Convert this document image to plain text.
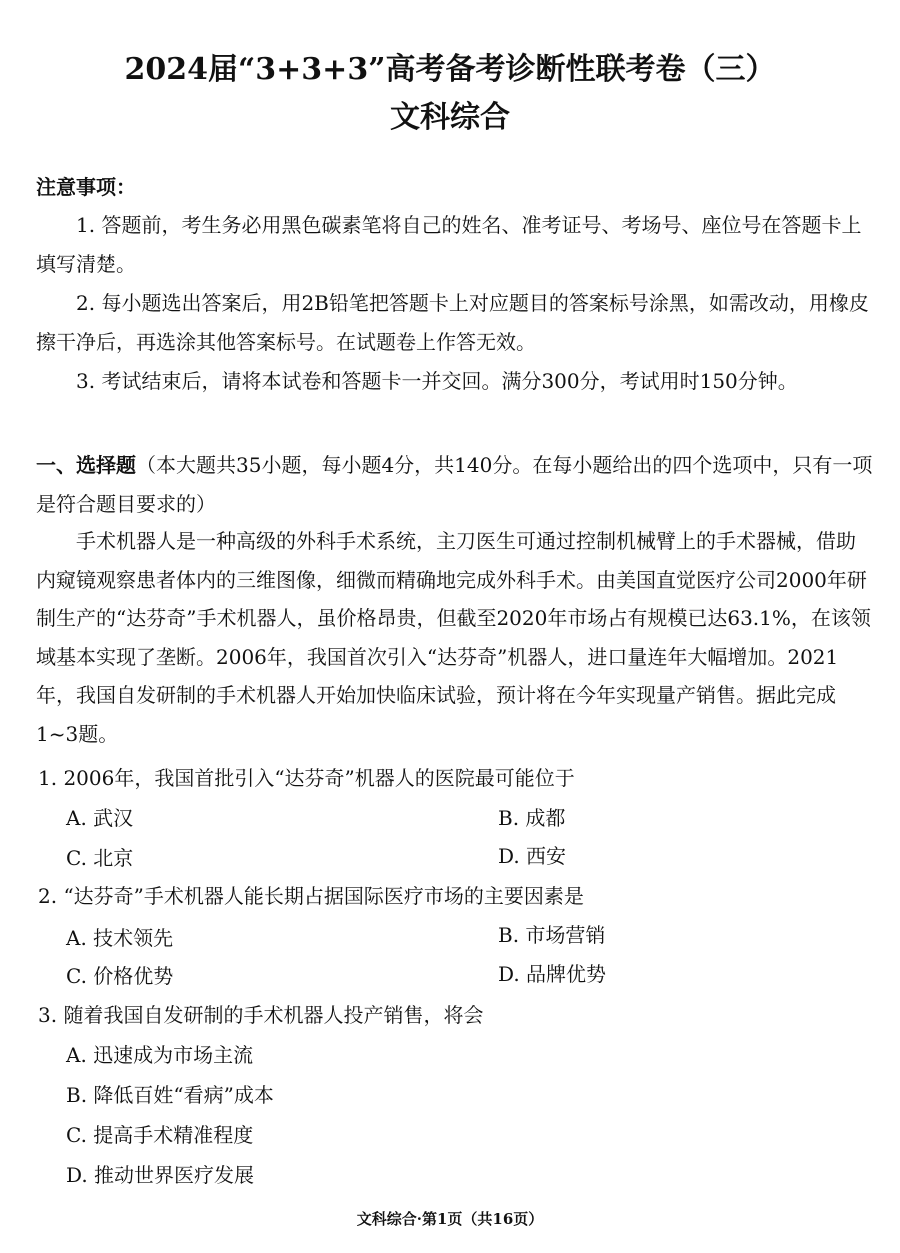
2024届“3+3+3”高考备考诊断性联考卷（三）
文科综合
注意事项：

1. 答题前，考生务必用黑色碳素笔将自己的姓名、准考证号、考场号、座位号在答题卡上填写清楚。

2. 每小题选出答案后，用2B铅笔把答题卡上对应题目的答案标号涂黑，如需改动，用橡皮擦干净后，再选涂其他答案标号。在试题卷上作答无效。

3. 考试结束后，请将本试卷和答题卡一并交回。满分300分，考试用时150分钟。

一、选择题（本大题共35小题，每小题4分，共140分。在每小题给出的四个选项中，只有一项是符合题目要求的）
手术机器人是一种高级的外科手术系统，主刀医生可通过控制机械臂上的手术器械，借助内窥镜观察患者体内的三维图像，细微而精确地完成外科手术。由美国直觉医疗公司2000年研制生产的“达芬奇”手术机器人，虽价格昂贵，但截至2020年市场占有规模已达63.1%，在该领域基本实现了垄断。2006年，我国首次引入“达芬奇”机器人，进口量连年大幅增加。2021年，我国自发研制的手术机器人开始加快临床试验，预计将在今年实现量产销售。据此完成1~3题。
1. 2006年，我国首批引入“达芬奇”机器人的医院最可能位于
A. 武汉	B. 成都
C. 北京	D. 西安
2. “达芬奇”手术机器人能长期占据国际医疗市场的主要因素是
A. 技术领先	B. 市场营销
C. 价格优势	D. 品牌优势
3. 随着我国自发研制的手术机器人投产销售，将会
A. 迅速成为市场主流
B. 降低百姓“看病”成本
C. 提高手术精准程度
D. 推动世界医疗发展
文科综合·第1页（共16页）
